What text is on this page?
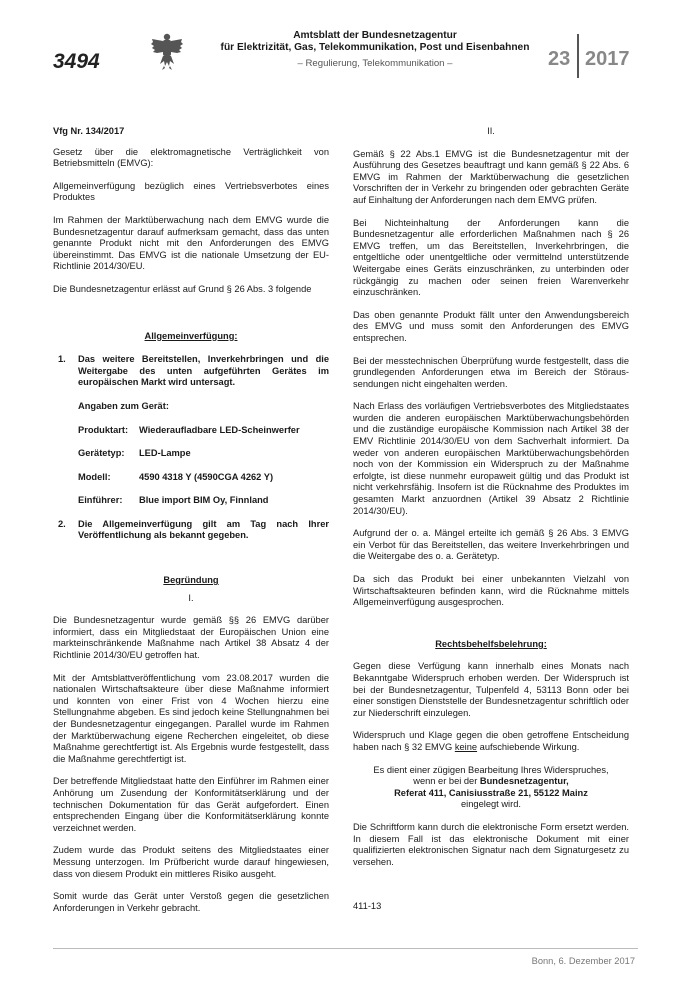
3494
Amtsblatt der Bundesnetzagentur
für Elektrizität, Gas, Telekommunikation, Post und Eisenbahnen
– Regulierung, Telekommunikation –	23 2017

Vfg Nr. 134/2017

Gesetz über die elektromagnetische Verträglichkeit von Betriebsmitteln (EMVG):

Allgemeinverfügung bezüglich eines Vertriebsverbotes eines Produktes

Im Rahmen der Marktüberwachung nach dem EMVG wurde die Bundesnetzagentur darauf aufmerksam gemacht, dass das unten genannte Produkt nicht mit den Anforderungen des EMVG übereinstimmt. Das EMVG ist die nationale Umsetzung der EU-Richtlinie 2014/30/EU.

Die Bundesnetzagentur erlässt auf Grund § 26 Abs. 3 folgende

Allgemeinverfügung:

1.	Das weitere Bereitstellen, Inverkehrbringen und die Weitergabe des unten aufgeführten Gerätes im europäischen Markt wird untersagt.

Angaben zum Gerät:

Produktart:	Wiederaufladbare LED-Scheinwerfer
Gerätetyp:	LED-Lampe
Modell:	4590 4318 Y (4590CGA 4262 Y)
Einführer:	Blue import BIM Oy, Finnland
2.	Die Allgemeinverfügung gilt am Tag nach Ihrer Veröffentlichung als bekannt gegeben.

Begründung

I.

Die Bundesnetzagentur wurde gemäß §§ 26 EMVG darüber informiert, dass ein Mitgliedstaat der Europäischen Union eine markteinschränkende Maßnahme nach Artikel 38 Absatz 4 der Richtlinie 2014/30/EU getroffen hat.

Mit der Amtsblattveröffentlichung vom 23.08.2017 wurden die nationalen Wirtschaftsakteure über diese Maßnahme informiert und konnten von einer Frist von 4 Wochen hierzu eine Stellungnahme abgeben. Es sind jedoch keine Stellungnahmen bei der Bundesnetzagentur eingegangen. Parallel wurde im Rahmen der Marktüberwachung eigene Recherchen eingeleitet, ob diese Maßnahme gerechtfertigt ist. Als Ergebnis wurde festgestellt, dass die Maßnahme gerechtfertigt ist.

Der betreffende Mitgliedstaat hatte den Einführer im Rahmen einer Anhörung um Zusendung der Konformitätserklärung und der technischen Dokumentation für das Gerät aufgefordert. Einen entsprechenden Eingang über die Konformitätserklärung konnte verzeichnet werden.

Zudem wurde das Produkt seitens des Mitgliedstaates einer Messung unterzogen. Im Prüfbericht wurde darauf hingewiesen, dass von diesem Produkt ein mittleres Risiko ausgeht.

Somit wurde das Gerät unter Verstoß gegen die gesetzlichen Anforderungen in Verkehr gebracht.

II.

Gemäß § 22 Abs.1 EMVG ist die Bundesnetzagentur mit der Ausführung des Gesetzes beauftragt und kann gemäß § 22 Abs. 6 EMVG im Rahmen der Marktüberwachung die gesetzlichen Vorschriften der in Verkehr zu bringenden oder gebrachten Geräte auf Einhaltung der Anforderungen nach dem EMVG prüfen.

Bei Nichteinhaltung der Anforderungen kann die Bundesnetzagentur alle erforderlichen Maßnahmen nach § 26 EMVG treffen, um das Bereitstellen, Inverkehrbringen, die entgeltliche oder unentgeltliche oder vermittelnd unterstützende Weitergabe eines Geräts einzuschränken, zu unterbinden oder rückgängig zu machen oder seinen freien Warenverkehr einzuschränken.

Das oben genannte Produkt fällt unter den Anwendungsbereich des EMVG und muss somit den Anforderungen des EMVG entsprechen.

Bei der messtechnischen Überprüfung wurde festgestellt, dass die grundlegenden Anforderungen etwa im Bereich der Störaus-sendungen nicht eingehalten werden.

Nach Erlass des vorläufigen Vertriebsverbotes des Mitgliedstaates wurden die anderen europäischen Marktüberwachungsbehörden und die zuständige europäische Kommission nach Artikel 38 der EMV Richtlinie 2014/30/EU von dem Sachverhalt informiert. Da weder von anderen europäischen Marktüberwachungsbehörden noch von der Kommission ein Widerspruch zu der Maßnahme erfolgte, ist diese nunmehr europaweit gültig und das Produkt ist nicht verkehrsfähig. Insofern ist die Rücknahme des Produktes im gesamten Markt anzuordnen (Artikel 39 Absatz 2 Richtlinie 2014/30/EU).

Aufgrund der o. a. Mängel erteilte ich gemäß § 26 Abs. 3 EMVG ein Verbot für das Bereitstellen, das weitere Inverkehrbringen und die Weitergabe des o. a. Gerätetyp.

Da sich das Produkt bei einer unbekannten Vielzahl von Wirtschaftsakteuren befinden kann, wird die Rücknahme mittels Allgemeinverfügung ausgesprochen.

Rechtsbehelfsbelehrung:

Gegen diese Verfügung kann innerhalb eines Monats nach Bekanntgabe Widerspruch erhoben werden. Der Widerspruch ist bei der Bundesnetzagentur, Tulpenfeld 4, 53113 Bonn oder bei einer sonstigen Dienststelle der Bundesnetzagentur schriftlich oder zur Niederschrift einzulegen.

Widerspruch und Klage gegen die oben getroffene Entscheidung haben nach § 32 EMVG keine aufschiebende Wirkung.

Es dient einer zügigen Bearbeitung Ihres Widerspruches,
wenn er bei der Bundesnetzagentur,
Referat 411, Canisiusstraße 21, 55122 Mainz
eingelegt wird.

Die Schriftform kann durch die elektronische Form ersetzt werden. In diesem Fall ist das elektronische Dokument mit einer qualifizierten elektronischen Signatur nach dem Signaturgesetz zu versehen.

411-13

Bonn, 6. Dezember 2017
